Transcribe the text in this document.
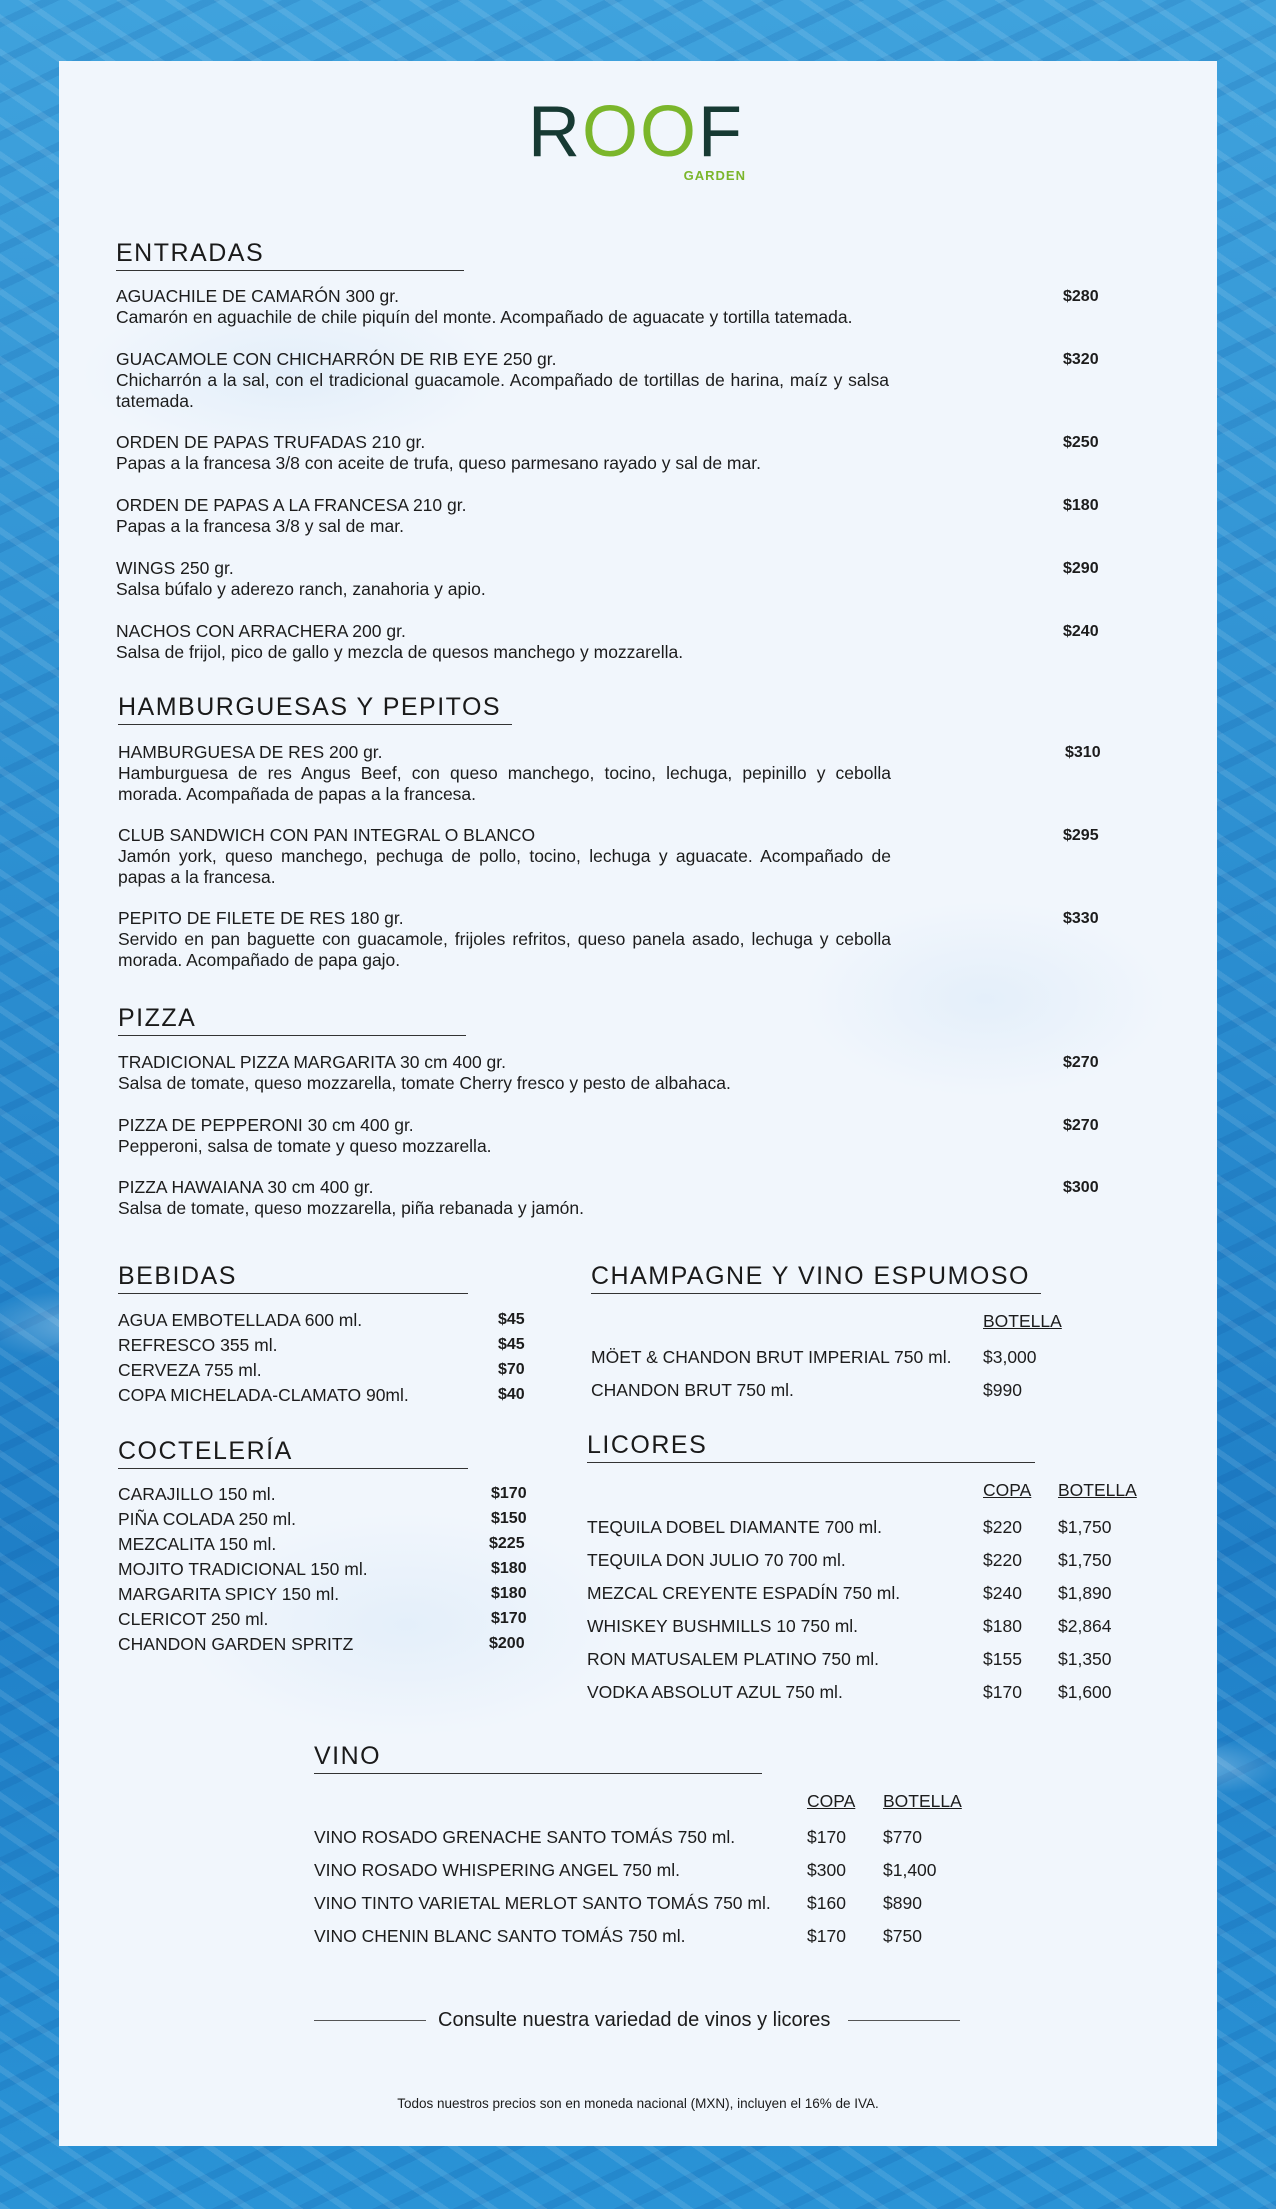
ROOF
GARDEN
ENTRADAS
AGUACHILE DE CAMARÓN 300 gr.
Camarón en aguachile de chile piquín del monte. Acompañado de aguacate y tortilla tatemada.
$280
GUACAMOLE CON CHICHARRÓN DE RIB EYE 250 gr.
Chicharrón a la sal, con el tradicional guacamole. Acompañado de tortillas de harina, maíz y salsa tatemada.
$320
ORDEN DE PAPAS TRUFADAS 210 gr.
Papas a la francesa 3/8 con aceite de trufa, queso parmesano rayado y sal de mar.
$250
ORDEN DE PAPAS A LA FRANCESA 210 gr.
Papas a la francesa 3/8 y sal de mar.
$180
WINGS 250 gr.
Salsa búfalo y aderezo ranch, zanahoria y apio.
$290
NACHOS CON ARRACHERA 200 gr.
Salsa de frijol, pico de gallo y mezcla de quesos manchego y mozzarella.
$240
HAMBURGUESAS Y PEPITOS
HAMBURGUESA DE RES 200 gr.
Hamburguesa de res Angus Beef, con queso manchego, tocino, lechuga, pepinillo y cebolla morada. Acompañada de papas a la francesa.
$310
CLUB SANDWICH CON PAN INTEGRAL O BLANCO
Jamón york, queso manchego, pechuga de pollo, tocino, lechuga y aguacate. Acompañado de papas a la francesa.
$295
PEPITO DE FILETE DE RES 180 gr.
Servido en pan baguette con guacamole, frijoles refritos, queso panela asado, lechuga y cebolla morada. Acompañado de papa gajo.
$330
PIZZA
TRADICIONAL PIZZA MARGARITA 30 cm 400 gr.
Salsa de tomate, queso mozzarella, tomate Cherry fresco y pesto de albahaca.
$270
PIZZA DE PEPPERONI 30 cm 400 gr.
Pepperoni, salsa de tomate y queso mozzarella.
$270
PIZZA HAWAIANA 30 cm 400 gr.
Salsa de tomate, queso mozzarella, piña rebanada y jamón.
$300
BEBIDAS
AGUA EMBOTELLADA 600 ml.	$45
REFRESCO 355 ml.	$45
CERVEZA 755 ml.	$70
COPA MICHELADA-CLAMATO 90ml.	$40
COCTELERÍA
CARAJILLO 150 ml.	$170
PIÑA COLADA 250 ml.	$150
MEZCALITA 150 ml.	$225
MOJITO TRADICIONAL 150 ml.	$180
MARGARITA SPICY 150 ml.	$180
CLERICOT 250 ml.	$170
CHANDON GARDEN SPRITZ	$200
CHAMPAGNE Y VINO ESPUMOSO
BOTELLA
MÖET & CHANDON BRUT IMPERIAL 750 ml. $3,000
CHANDON BRUT 750 ml.	$990
LICORES
COPA BOTELLA
TEQUILA DOBEL DIAMANTE 700 ml.	$220 $1,750
TEQUILA DON JULIO 70 700 ml.	$220 $1,750
MEZCAL CREYENTE ESPADÍN 750 ml.	$240 $1,890
WHISKEY BUSHMILLS 10 750 ml.	$180 $2,864
RON MATUSALEM PLATINO 750 ml.	$155 $1,350
VODKA ABSOLUT AZUL 750 ml.	$170 $1,600
VINO
COPA BOTELLA
VINO ROSADO GRENACHE SANTO TOMÁS 750 ml.	$170 $770
VINO ROSADO WHISPERING ANGEL 750 ml.	$300 $1,400
VINO TINTO VARIETAL MERLOT SANTO TOMÁS 750 ml. $160 $890
VINO CHENIN BLANC SANTO TOMÁS 750 ml.	$170 $750
Consulte nuestra variedad de vinos y licores
Todos nuestros precios son en moneda nacional (MXN), incluyen el 16% de IVA.
